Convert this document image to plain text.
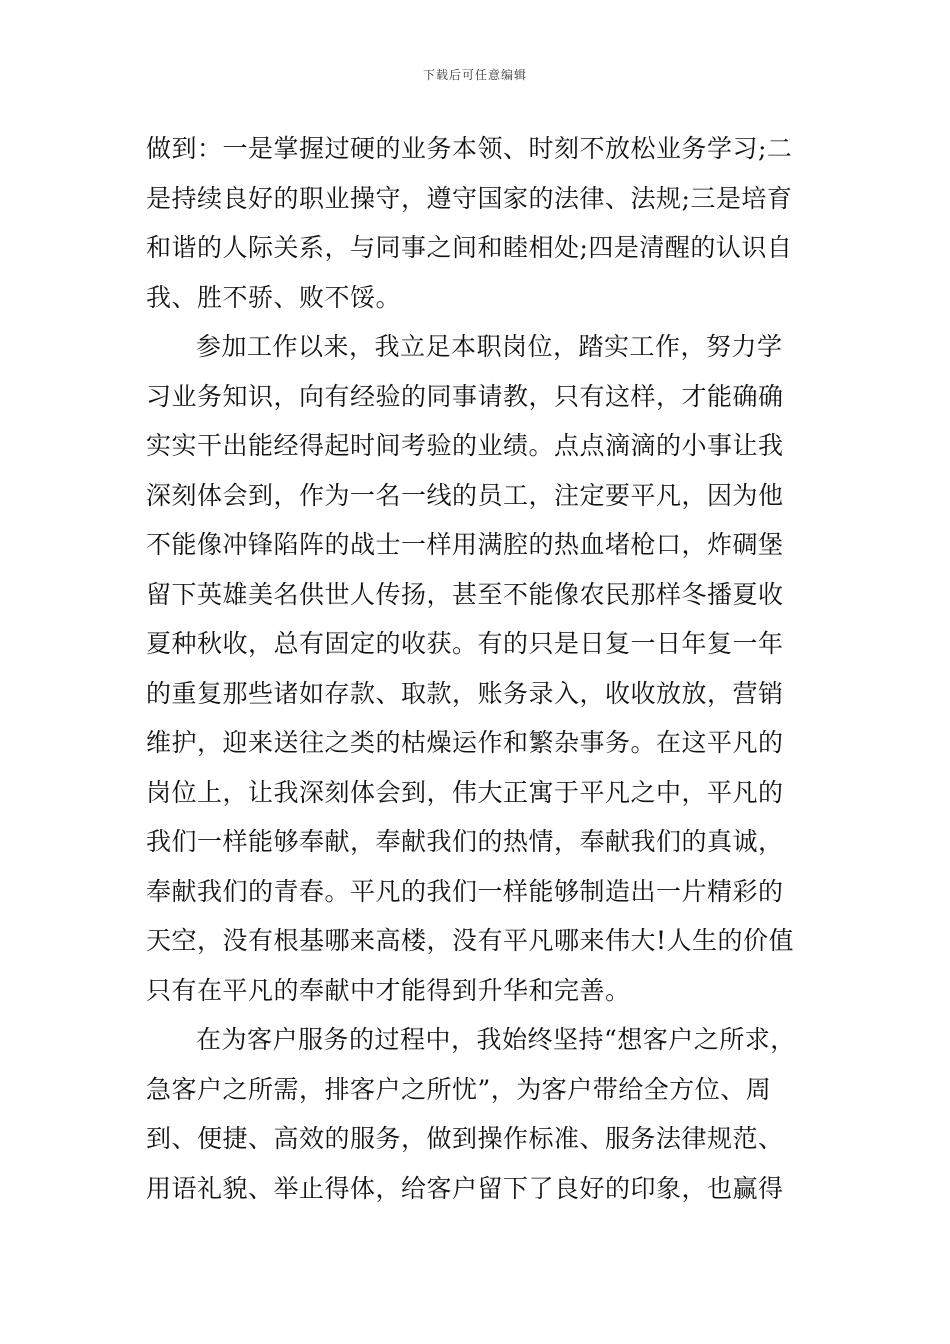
下载后可任意编辑
做到：一是掌握过硬的业务本领、时刻不放松业务学习;二
是持续良好的职业操守，遵守国家的法律、法规;三是培育
和谐的人际关系，与同事之间和睦相处;四是清醒的认识自
我、胜不骄、败不馁。
参加工作以来，我立足本职岗位，踏实工作，努力学
习业务知识，向有经验的同事请教，只有这样，才能确确
实实干出能经得起时间考验的业绩。点点滴滴的小事让我
深刻体会到，作为一名一线的员工，注定要平凡，因为他
不能像冲锋陷阵的战士一样用满腔的热血堵枪口，炸碉堡
留下英雄美名供世人传扬，甚至不能像农民那样冬播夏收
夏种秋收，总有固定的收获。有的只是日复一日年复一年
的重复那些诸如存款、取款，账务录入，收收放放，营销
维护，迎来送往之类的枯燥运作和繁杂事务。在这平凡的
岗位上，让我深刻体会到，伟大正寓于平凡之中，平凡的
我们一样能够奉献，奉献我们的热情，奉献我们的真诚，
奉献我们的青春。平凡的我们一样能够制造出一片精彩的
天空，没有根基哪来高楼，没有平凡哪来伟大!人生的价值
只有在平凡的奉献中才能得到升华和完善。
在为客户服务的过程中，我始终坚持“想客户之所求，
急客户之所需，排客户之所忧”，为客户带给全方位、周
到、便捷、高效的服务，做到操作标准、服务法律规范、
用语礼貌、举止得体，给客户留下了良好的印象，也赢得
